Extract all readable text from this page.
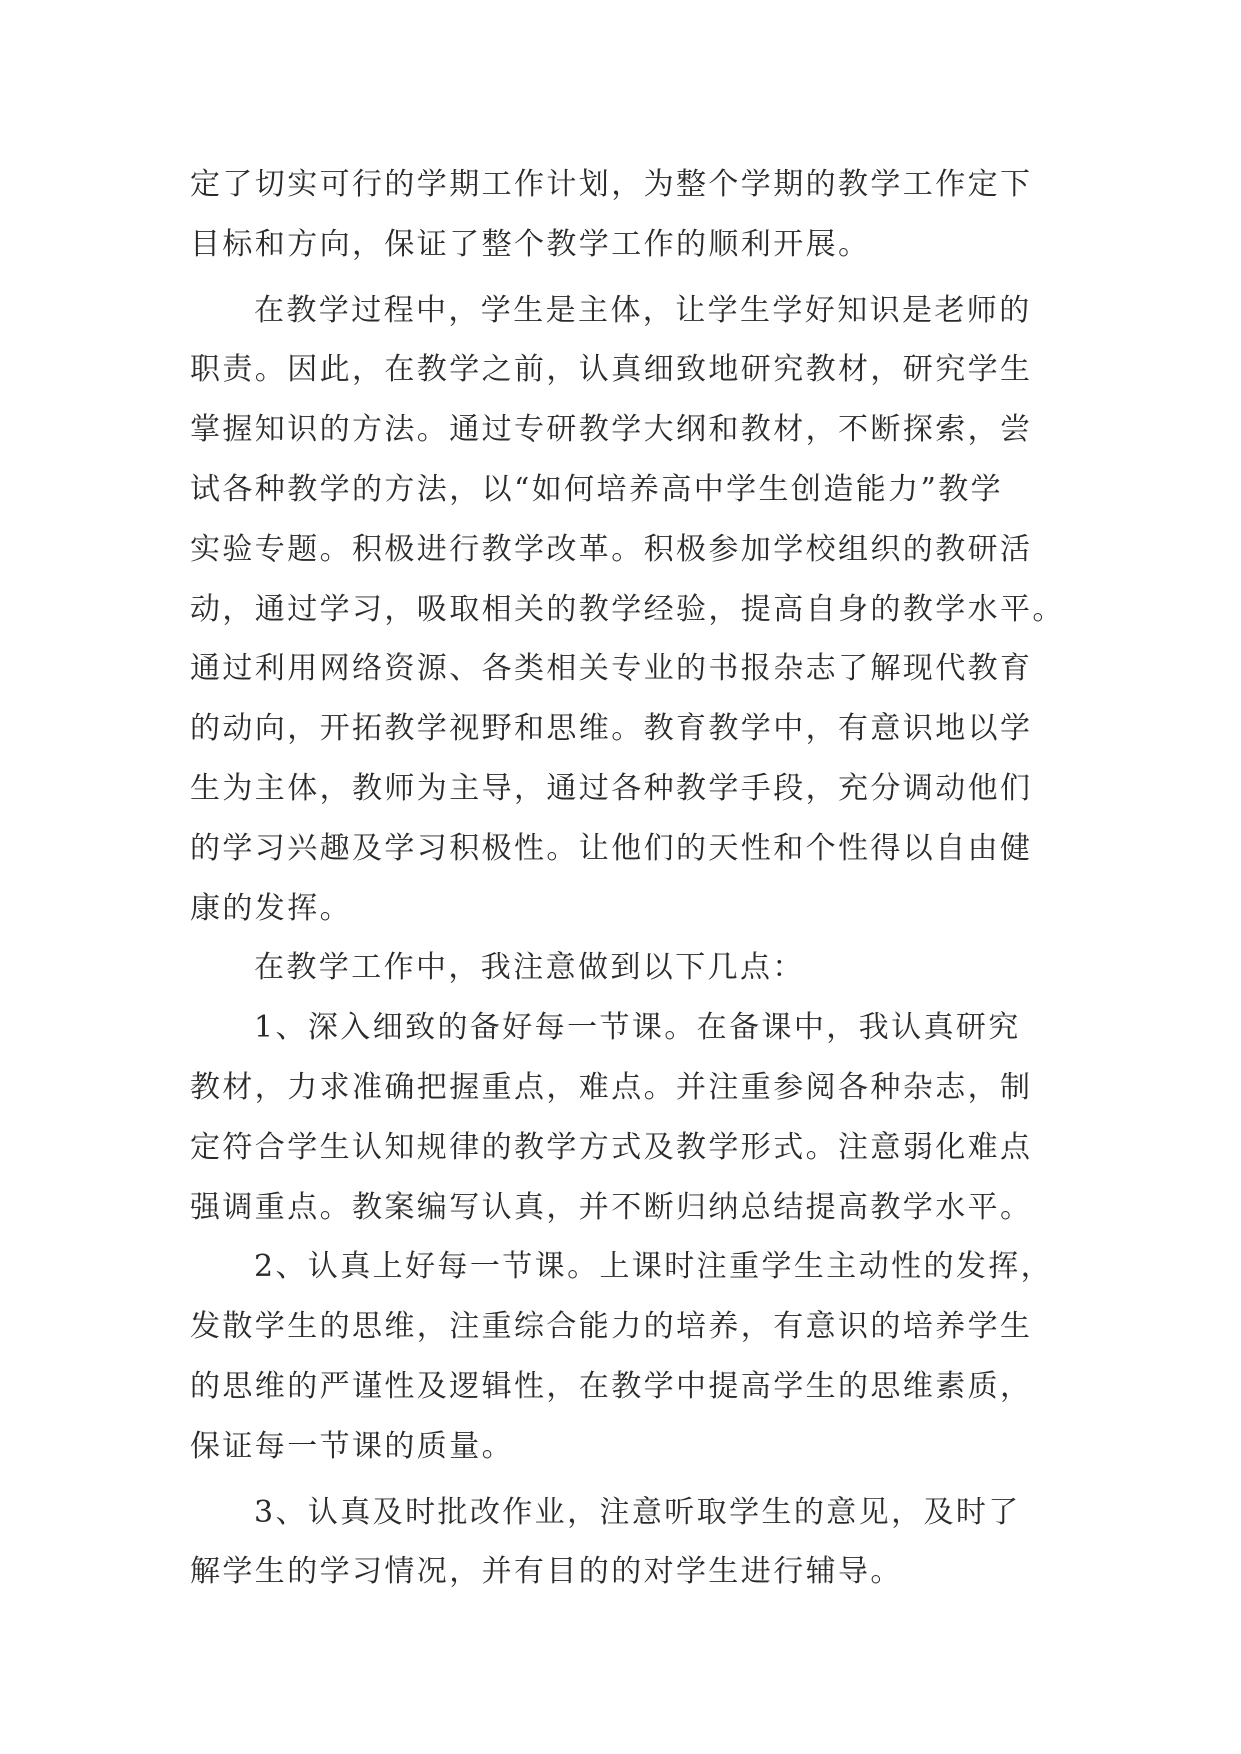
定了切实可行的学期工作计划，为整个学期的教学工作定下
目标和方向，保证了整个教学工作的顺利开展。

在教学过程中，学生是主体，让学生学好知识是老师的
职责。因此，在教学之前，认真细致地研究教材，研究学生
掌握知识的方法。通过专研教学大纲和教材，不断探索，尝
试各种教学的方法，以“如何培养高中学生创造能力”教学
实验专题。积极进行教学改革。积极参加学校组织的教研活
动，通过学习，吸取相关的教学经验，提高自身的教学水平。
通过利用网络资源、各类相关专业的书报杂志了解现代教育
的动向，开拓教学视野和思维。教育教学中，有意识地以学
生为主体，教师为主导，通过各种教学手段，充分调动他们
的学习兴趣及学习积极性。让他们的天性和个性得以自由健
康的发挥。

在教学工作中，我注意做到以下几点：

1、深入细致的备好每一节课。在备课中，我认真研究
教材，力求准确把握重点，难点。并注重参阅各种杂志，制
定符合学生认知规律的教学方式及教学形式。注意弱化难点
强调重点。教案编写认真，并不断归纳总结提高教学水平。

2、认真上好每一节课。上课时注重学生主动性的发挥，
发散学生的思维，注重综合能力的培养，有意识的培养学生
的思维的严谨性及逻辑性，在教学中提高学生的思维素质，
保证每一节课的质量。

3、认真及时批改作业，注意听取学生的意见，及时了
解学生的学习情况，并有目的的对学生进行辅导。
